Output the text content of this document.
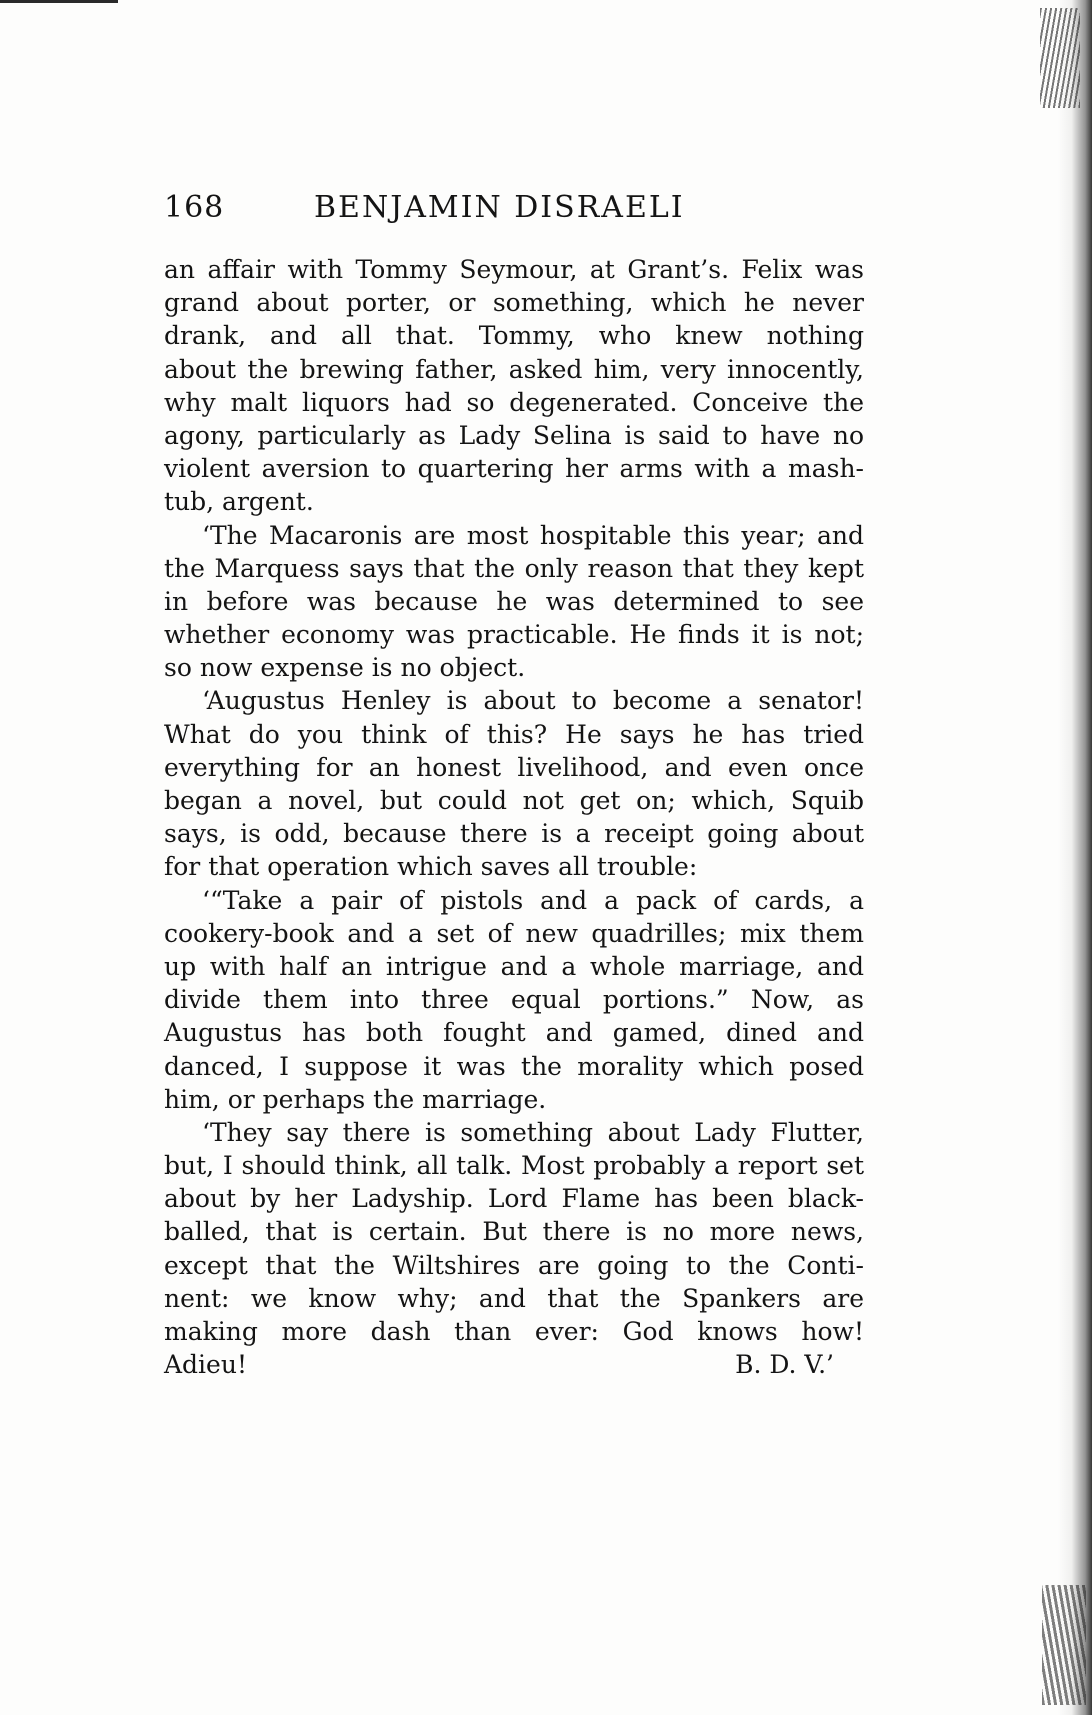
168	BENJAMIN DISRAELI
an affair with Tommy Seymour, at Grant’s. Felix was
grand about porter, or something, which he never
drank, and all that. Tommy, who knew nothing
about the brewing father, asked him, very innocently,
why malt liquors had so degenerated. Conceive the
agony, particularly as Lady Selina is said to have no
violent aversion to quartering her arms with a mash-
tub, argent.
‘The Macaronis are most hospitable this year; and
the Marquess says that the only reason that they kept
in before was because he was determined to see
whether economy was practicable. He finds it is not;
so now expense is no object.
‘Augustus Henley is about to become a senator!
What do you think of this? He says he has tried
everything for an honest livelihood, and even once
began a novel, but could not get on; which, Squib
says, is odd, because there is a receipt going about
for that operation which saves all trouble:
‘“Take a pair of pistols and a pack of cards, a
cookery-book and a set of new quadrilles; mix them
up with half an intrigue and a whole marriage, and
divide them into three equal portions.” Now, as
Augustus has both fought and gamed, dined and
danced, I suppose it was the morality which posed
him, or perhaps the marriage.
‘They say there is something about Lady Flutter,
but, I should think, all talk. Most probably a report set
about by her Ladyship. Lord Flame has been black-
balled, that is certain. But there is no more news,
except that the Wiltshires are going to the Conti-
nent: we know why; and that the Spankers are
making more dash than ever: God knows how!
Adieu!	B. D. V.’
